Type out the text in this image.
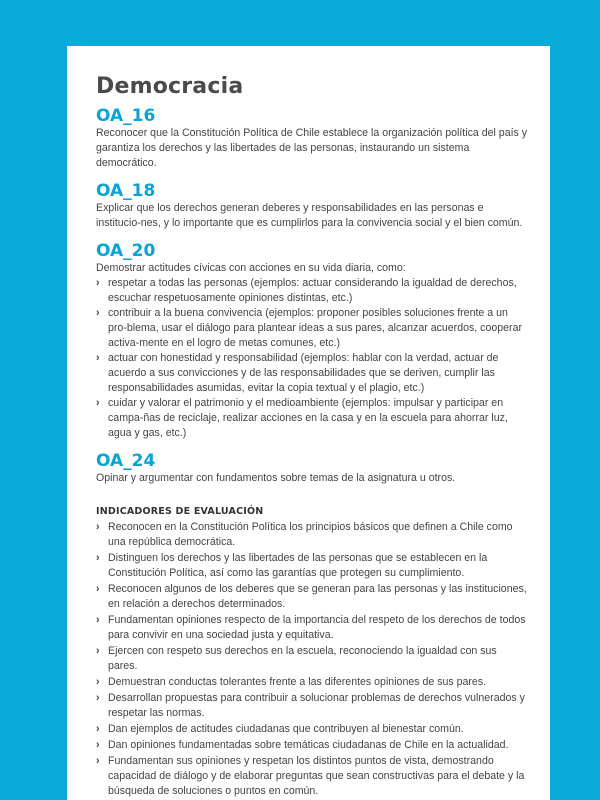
Democracia

OA_16

Reconocer que la Constitución Política de Chile establece la organización política del país y garantiza los derechos y las libertades de las personas, instaurando un sistema democrático.

OA_18

Explicar que los derechos generan deberes y responsabilidades en las personas e institucio-nes, y lo importante que es cumplirlos para la convivencia social y el bien común.

OA_20

Demostrar actitudes cívicas con acciones en su vida diaria, como:

› respetar a todas las personas (ejemplos: actuar considerando la igualdad de derechos, escuchar respetuosamente opiniones distintas, etc.)
› contribuir a la buena convivencia (ejemplos: proponer posibles soluciones frente a un pro-blema, usar el diálogo para plantear ideas a sus pares, alcanzar acuerdos, cooperar activa-mente en el logro de metas comunes, etc.)
› actuar con honestidad y responsabilidad (ejemplos: hablar con la verdad, actuar de acuerdo a sus convicciones y de las responsabilidades que se deriven, cumplir las responsabilidades asumidas, evitar la copia textual y el plagio, etc.)
› cuidar y valorar el patrimonio y el medioambiente (ejemplos: impulsar y participar en campa-ñas de reciclaje, realizar acciones en la casa y en la escuela para ahorrar luz, agua y gas, etc.)

OA_24

Opinar y argumentar con fundamentos sobre temas de la asignatura u otros.

INDICADORES DE EVALUACIÓN

› Reconocen en la Constitución Política los principios básicos que definen a Chile como una república democrática.
› Distinguen los derechos y las libertades de las personas que se establecen en la Constitución Política, así como las garantías que protegen su cumplimiento.
› Reconocen algunos de los deberes que se generan para las personas y las instituciones, en relación a derechos determinados.
› Fundamentan opiniones respecto de la importancia del respeto de los derechos de todos para convivir en una sociedad justa y equitativa.
› Ejercen con respeto sus derechos en la escuela, reconociendo la igualdad con sus pares.
› Demuestran conductas tolerantes frente a las diferentes opiniones de sus pares.
› Desarrollan propuestas para contribuir a solucionar problemas de derechos vulnerados y respetar las normas.
› Dan ejemplos de actitudes ciudadanas que contribuyen al bienestar común.
› Dan opiniones fundamentadas sobre temáticas ciudadanas de Chile en la actualidad.
› Fundamentan sus opiniones y respetan los distintos puntos de vista, demostrando capacidad de diálogo y de elaborar preguntas que sean constructivas para el debate y la búsqueda de soluciones o puntos en común.
